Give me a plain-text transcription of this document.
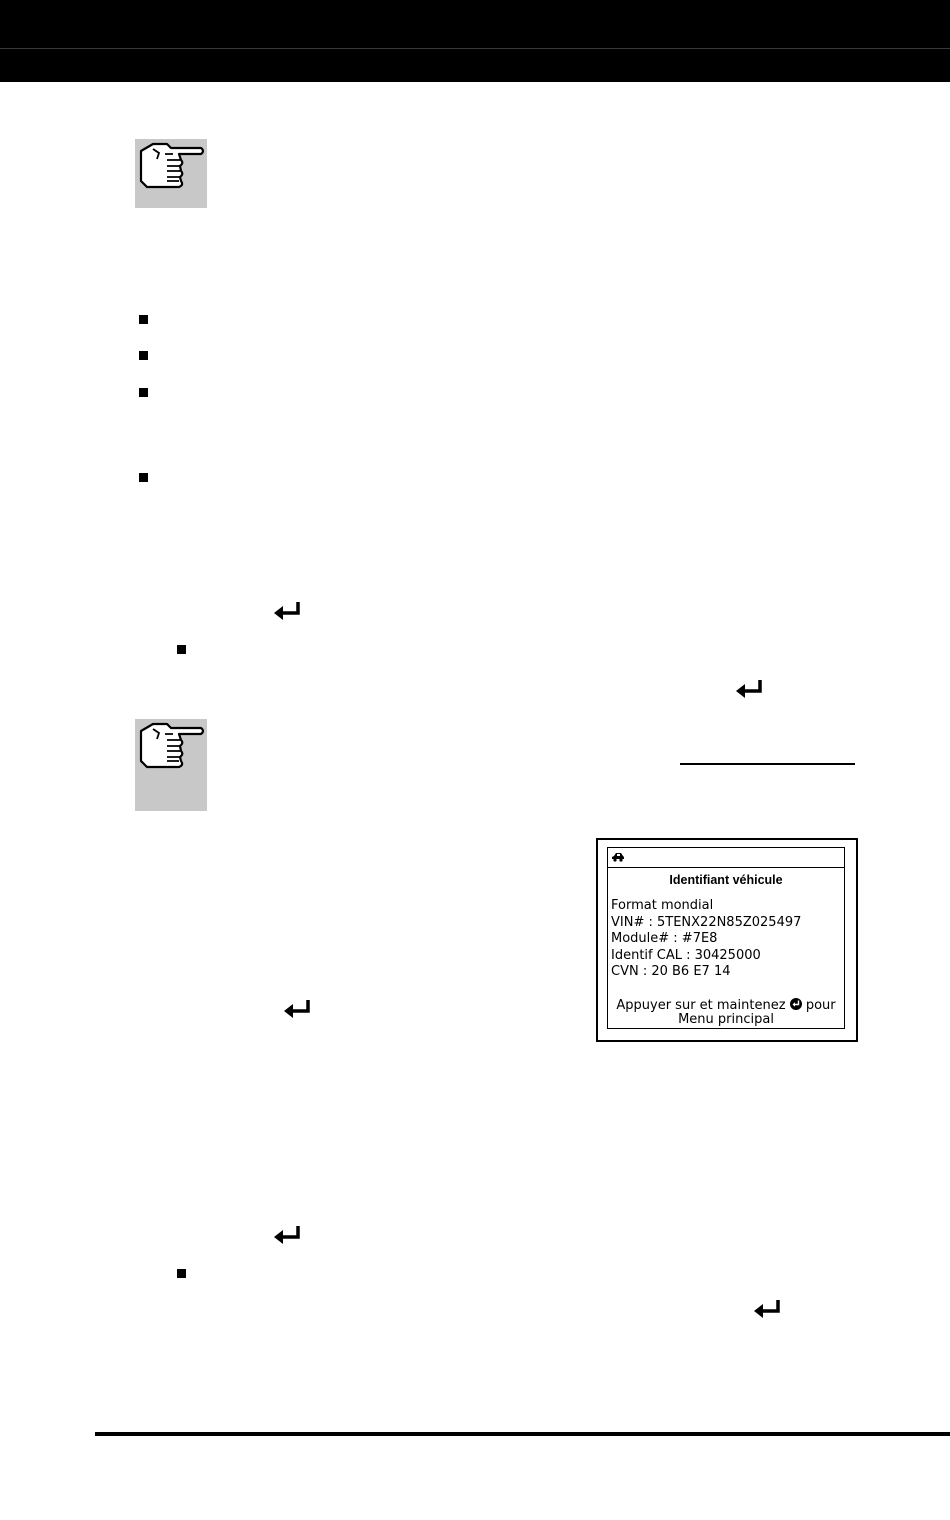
Identifiant véhicule
Format mondial
VIN# : 5TENX22N85Z025497
Module# : #7E8
Identif CAL : 30425000
CVN : 20 B6 E7 14
Appuyer sur et maintenez pour
Menu principal
